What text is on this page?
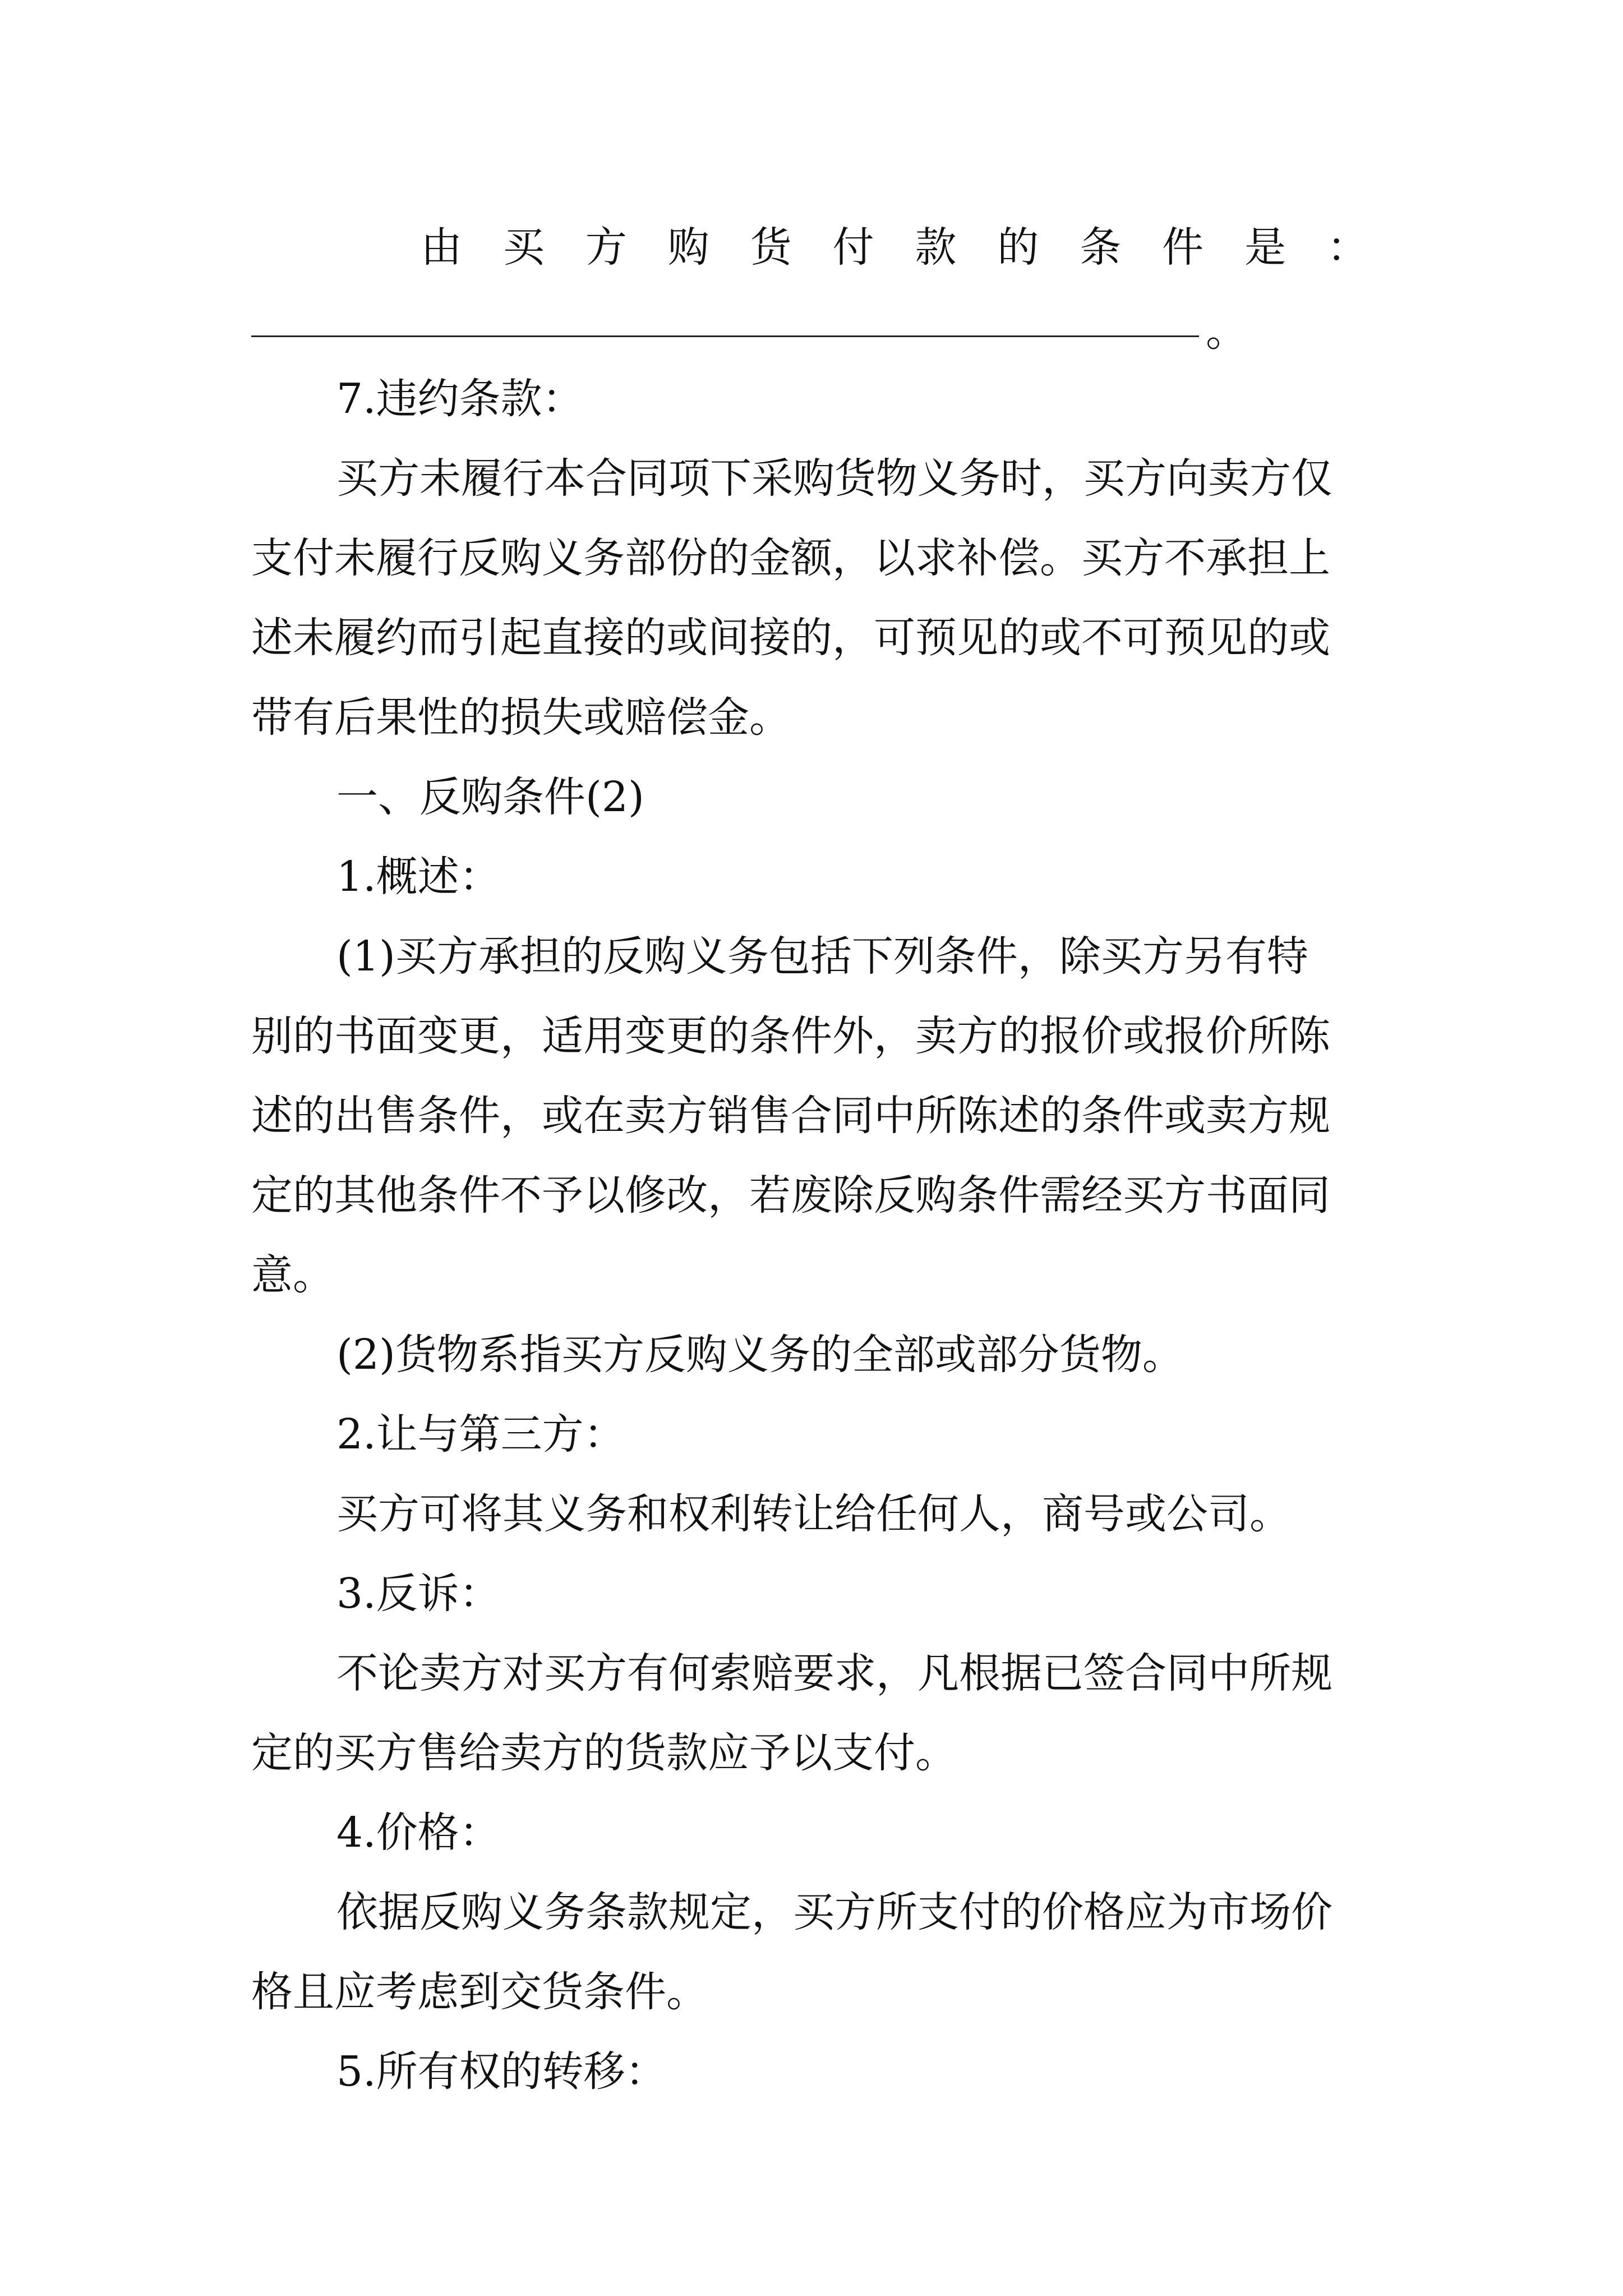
由 买 方 购 货 付 款 的 条 件 是 ：
。

7.违约条款：

买方未履行本合同项下采购货物义务时，买方向卖方仅

支付未履行反购义务部份的金额，以求补偿。买方不承担上

述未履约而引起直接的或间接的，可预见的或不可预见的或

带有后果性的损失或赔偿金。

一、反购条件(2)

1.概述：

(1)买方承担的反购义务包括下列条件，除买方另有特

别的书面变更，适用变更的条件外，卖方的报价或报价所陈

述的出售条件，或在卖方销售合同中所陈述的条件或卖方规

定的其他条件不予以修改，若废除反购条件需经买方书面同

意。

(2)货物系指买方反购义务的全部或部分货物。

2.让与第三方：

买方可将其义务和权利转让给任何人，商号或公司。

3.反诉：

不论卖方对买方有何索赔要求，凡根据已签合同中所规

定的买方售给卖方的货款应予以支付。

4.价格：

依据反购义务条款规定，买方所支付的价格应为市场价

格且应考虑到交货条件。

5.所有权的转移：
